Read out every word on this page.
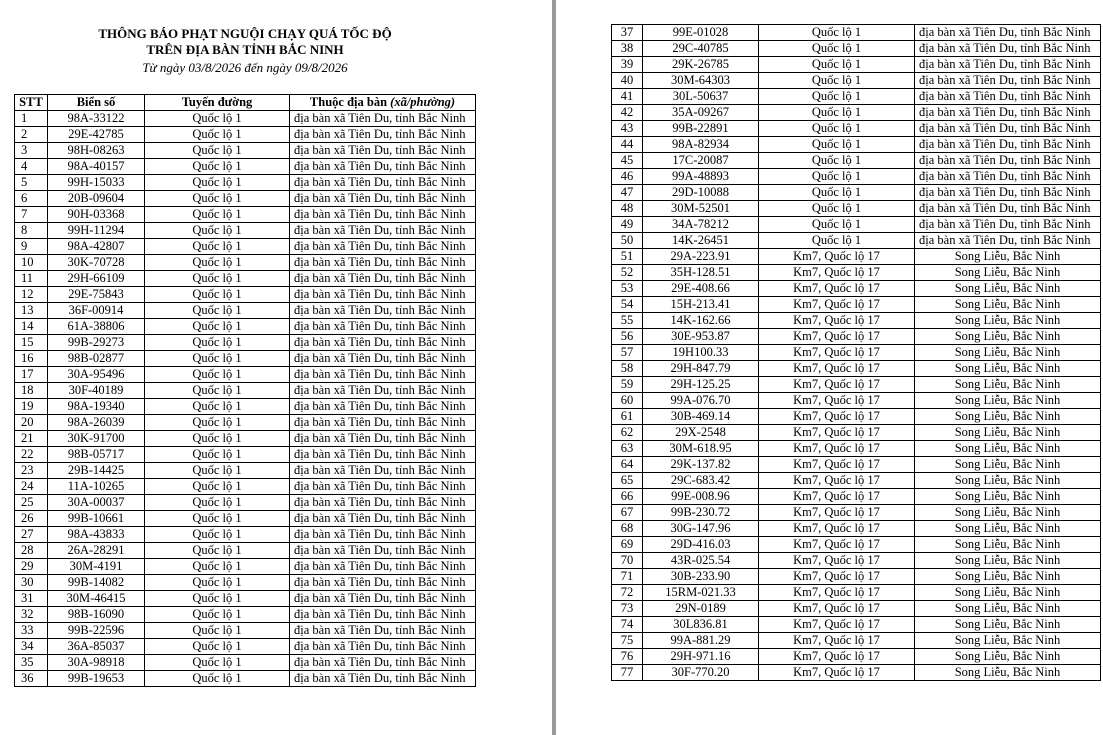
THÔNG BÁO PHẠT NGUỘI CHẠY QUÁ TỐC ĐỘ
TRÊN ĐỊA BÀN TỈNH BẮC NINH
Từ ngày 03/8/2026 đến ngày 09/8/2026
STT	Biển số	Tuyến đường	Thuộc địa bàn (xã/phường)
1	98A-33122	Quốc lộ 1	địa bàn xã Tiên Du, tỉnh Bắc Ninh
2	29E-42785	Quốc lộ 1	địa bàn xã Tiên Du, tỉnh Bắc Ninh
3	98H-08263	Quốc lộ 1	địa bàn xã Tiên Du, tỉnh Bắc Ninh
4	98A-40157	Quốc lộ 1	địa bàn xã Tiên Du, tỉnh Bắc Ninh
5	99H-15033	Quốc lộ 1	địa bàn xã Tiên Du, tỉnh Bắc Ninh
6	20B-09604	Quốc lộ 1	địa bàn xã Tiên Du, tỉnh Bắc Ninh
7	90H-03368	Quốc lộ 1	địa bàn xã Tiên Du, tỉnh Bắc Ninh
8	99H-11294	Quốc lộ 1	địa bàn xã Tiên Du, tỉnh Bắc Ninh
9	98A-42807	Quốc lộ 1	địa bàn xã Tiên Du, tỉnh Bắc Ninh
10	30K-70728	Quốc lộ 1	địa bàn xã Tiên Du, tỉnh Bắc Ninh
11	29H-66109	Quốc lộ 1	địa bàn xã Tiên Du, tỉnh Bắc Ninh
12	29E-75843	Quốc lộ 1	địa bàn xã Tiên Du, tỉnh Bắc Ninh
13	36F-00914	Quốc lộ 1	địa bàn xã Tiên Du, tỉnh Bắc Ninh
14	61A-38806	Quốc lộ 1	địa bàn xã Tiên Du, tỉnh Bắc Ninh
15	99B-29273	Quốc lộ 1	địa bàn xã Tiên Du, tỉnh Bắc Ninh
16	98B-02877	Quốc lộ 1	địa bàn xã Tiên Du, tỉnh Bắc Ninh
17	30A-95496	Quốc lộ 1	địa bàn xã Tiên Du, tỉnh Bắc Ninh
18	30F-40189	Quốc lộ 1	địa bàn xã Tiên Du, tỉnh Bắc Ninh
19	98A-19340	Quốc lộ 1	địa bàn xã Tiên Du, tỉnh Bắc Ninh
20	98A-26039	Quốc lộ 1	địa bàn xã Tiên Du, tỉnh Bắc Ninh
21	30K-91700	Quốc lộ 1	địa bàn xã Tiên Du, tỉnh Bắc Ninh
22	98B-05717	Quốc lộ 1	địa bàn xã Tiên Du, tỉnh Bắc Ninh
23	29B-14425	Quốc lộ 1	địa bàn xã Tiên Du, tỉnh Bắc Ninh
24	11A-10265	Quốc lộ 1	địa bàn xã Tiên Du, tỉnh Bắc Ninh
25	30A-00037	Quốc lộ 1	địa bàn xã Tiên Du, tỉnh Bắc Ninh
26	99B-10661	Quốc lộ 1	địa bàn xã Tiên Du, tỉnh Bắc Ninh
27	98A-43833	Quốc lộ 1	địa bàn xã Tiên Du, tỉnh Bắc Ninh
28	26A-28291	Quốc lộ 1	địa bàn xã Tiên Du, tỉnh Bắc Ninh
29	30M-4191	Quốc lộ 1	địa bàn xã Tiên Du, tỉnh Bắc Ninh
30	99B-14082	Quốc lộ 1	địa bàn xã Tiên Du, tỉnh Bắc Ninh
31	30M-46415	Quốc lộ 1	địa bàn xã Tiên Du, tỉnh Bắc Ninh
32	98B-16090	Quốc lộ 1	địa bàn xã Tiên Du, tỉnh Bắc Ninh
33	99B-22596	Quốc lộ 1	địa bàn xã Tiên Du, tỉnh Bắc Ninh
34	36A-85037	Quốc lộ 1	địa bàn xã Tiên Du, tỉnh Bắc Ninh
35	30A-98918	Quốc lộ 1	địa bàn xã Tiên Du, tỉnh Bắc Ninh
36	99B-19653	Quốc lộ 1	địa bàn xã Tiên Du, tỉnh Bắc Ninh
37	99E-01028	Quốc lộ 1	địa bàn xã Tiên Du, tỉnh Bắc Ninh
38	29C-40785	Quốc lộ 1	địa bàn xã Tiên Du, tỉnh Bắc Ninh
39	29K-26785	Quốc lộ 1	địa bàn xã Tiên Du, tỉnh Bắc Ninh
40	30M-64303	Quốc lộ 1	địa bàn xã Tiên Du, tỉnh Bắc Ninh
41	30L-50637	Quốc lộ 1	địa bàn xã Tiên Du, tỉnh Bắc Ninh
42	35A-09267	Quốc lộ 1	địa bàn xã Tiên Du, tỉnh Bắc Ninh
43	99B-22891	Quốc lộ 1	địa bàn xã Tiên Du, tỉnh Bắc Ninh
44	98A-82934	Quốc lộ 1	địa bàn xã Tiên Du, tỉnh Bắc Ninh
45	17C-20087	Quốc lộ 1	địa bàn xã Tiên Du, tỉnh Bắc Ninh
46	99A-48893	Quốc lộ 1	địa bàn xã Tiên Du, tỉnh Bắc Ninh
47	29D-10088	Quốc lộ 1	địa bàn xã Tiên Du, tỉnh Bắc Ninh
48	30M-52501	Quốc lộ 1	địa bàn xã Tiên Du, tỉnh Bắc Ninh
49	34A-78212	Quốc lộ 1	địa bàn xã Tiên Du, tỉnh Bắc Ninh
50	14K-26451	Quốc lộ 1	địa bàn xã Tiên Du, tỉnh Bắc Ninh
51	29A-223.91	Km7, Quốc lộ 17	Song Liễu, Bắc Ninh
52	35H-128.51	Km7, Quốc lộ 17	Song Liễu, Bắc Ninh
53	29E-408.66	Km7, Quốc lộ 17	Song Liễu, Bắc Ninh
54	15H-213.41	Km7, Quốc lộ 17	Song Liễu, Bắc Ninh
55	14K-162.66	Km7, Quốc lộ 17	Song Liễu, Bắc Ninh
56	30E-953.87	Km7, Quốc lộ 17	Song Liễu, Bắc Ninh
57	19H100.33	Km7, Quốc lộ 17	Song Liễu, Bắc Ninh
58	29H-847.79	Km7, Quốc lộ 17	Song Liễu, Bắc Ninh
59	29H-125.25	Km7, Quốc lộ 17	Song Liễu, Bắc Ninh
60	99A-076.70	Km7, Quốc lộ 17	Song Liễu, Bắc Ninh
61	30B-469.14	Km7, Quốc lộ 17	Song Liễu, Bắc Ninh
62	29X-2548	Km7, Quốc lộ 17	Song Liễu, Bắc Ninh
63	30M-618.95	Km7, Quốc lộ 17	Song Liễu, Bắc Ninh
64	29K-137.82	Km7, Quốc lộ 17	Song Liễu, Bắc Ninh
65	29C-683.42	Km7, Quốc lộ 17	Song Liễu, Bắc Ninh
66	99E-008.96	Km7, Quốc lộ 17	Song Liễu, Bắc Ninh
67	99B-230.72	Km7, Quốc lộ 17	Song Liễu, Bắc Ninh
68	30G-147.96	Km7, Quốc lộ 17	Song Liễu, Bắc Ninh
69	29D-416.03	Km7, Quốc lộ 17	Song Liễu, Bắc Ninh
70	43R-025.54	Km7, Quốc lộ 17	Song Liễu, Bắc Ninh
71	30B-233.90	Km7, Quốc lộ 17	Song Liễu, Bắc Ninh
72	15RM-021.33	Km7, Quốc lộ 17	Song Liễu, Bắc Ninh
73	29N-0189	Km7, Quốc lộ 17	Song Liễu, Bắc Ninh
74	30L836.81	Km7, Quốc lộ 17	Song Liễu, Bắc Ninh
75	99A-881.29	Km7, Quốc lộ 17	Song Liễu, Bắc Ninh
76	29H-971.16	Km7, Quốc lộ 17	Song Liễu, Bắc Ninh
77	30F-770.20	Km7, Quốc lộ 17	Song Liễu, Bắc Ninh
